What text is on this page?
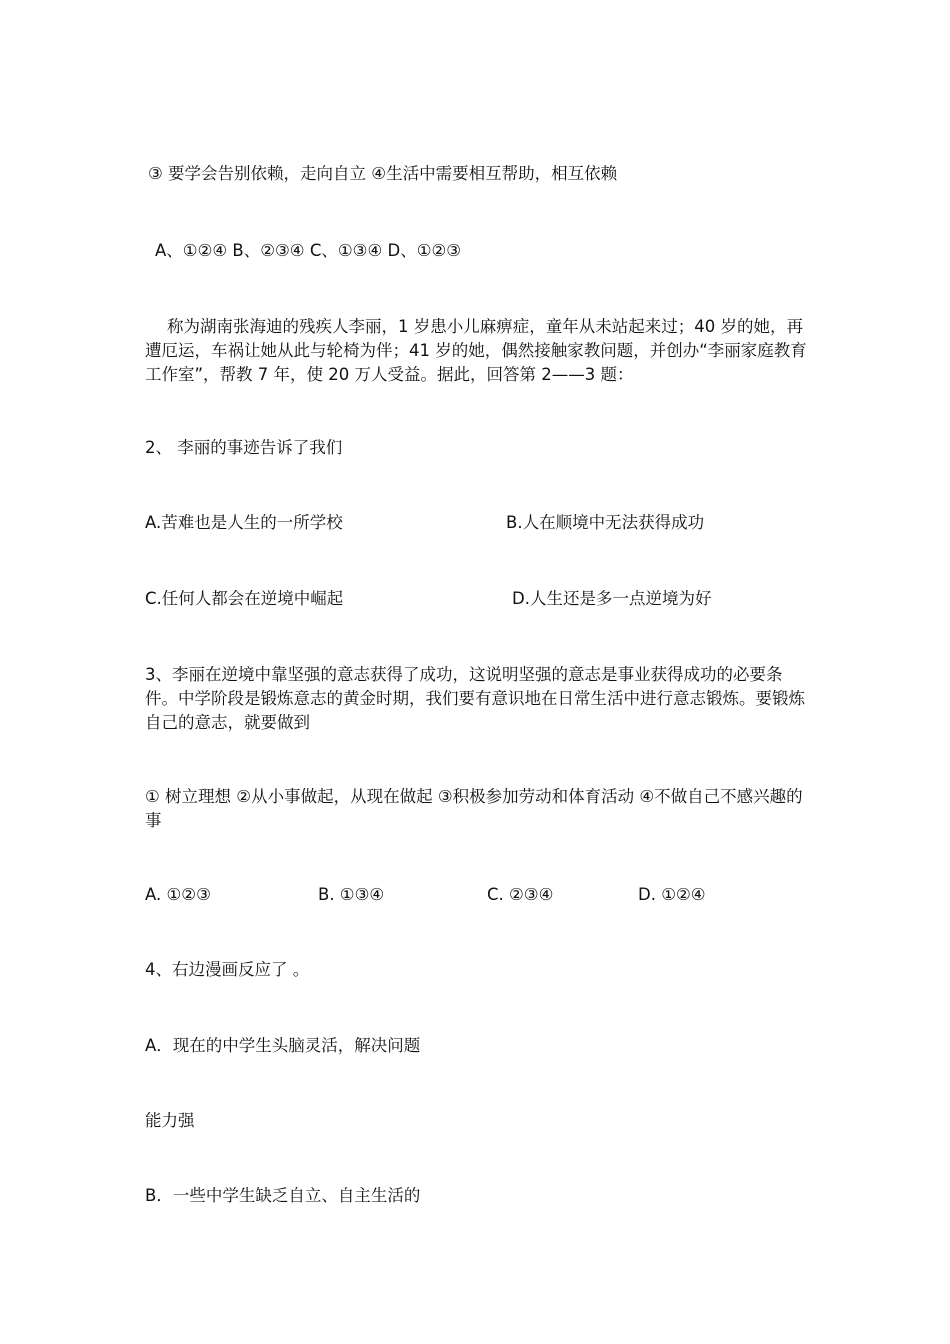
③ 要学会告别依赖，走向自立 ④生活中需要相互帮助，相互依赖
A、①②④ B、②③④ C、①③④ D、①②③
称为湖南张海迪的残疾人李丽，1 岁患小儿麻痹症，童年从未站起来过；40 岁的她，再遭厄运，车祸让她从此与轮椅为伴；41 岁的她，偶然接触家教问题，并创办“李丽家庭教育工作室”，帮教 7 年，使 20 万人受益。据此，回答第 2——3 题：
2、 李丽的事迹告诉了我们
A.苦难也是人生的一所学校	B.人在顺境中无法获得成功
C.任何人都会在逆境中崛起	D.人生还是多一点逆境为好
3、李丽在逆境中靠坚强的意志获得了成功，这说明坚强的意志是事业获得成功的必要条件。中学阶段是锻炼意志的黄金时期，我们要有意识地在日常生活中进行意志锻炼。要锻炼自己的意志，就要做到
① 树立理想 ②从小事做起，从现在做起 ③积极参加劳动和体育活动 ④不做自己不感兴趣的事
A. ①②③	B. ①③④	C. ②③④	D. ①②④
4、右边漫画反应了 。
A．现在的中学生头脑灵活，解决问题
能力强
B．一些中学生缺乏自立、自主生活的
